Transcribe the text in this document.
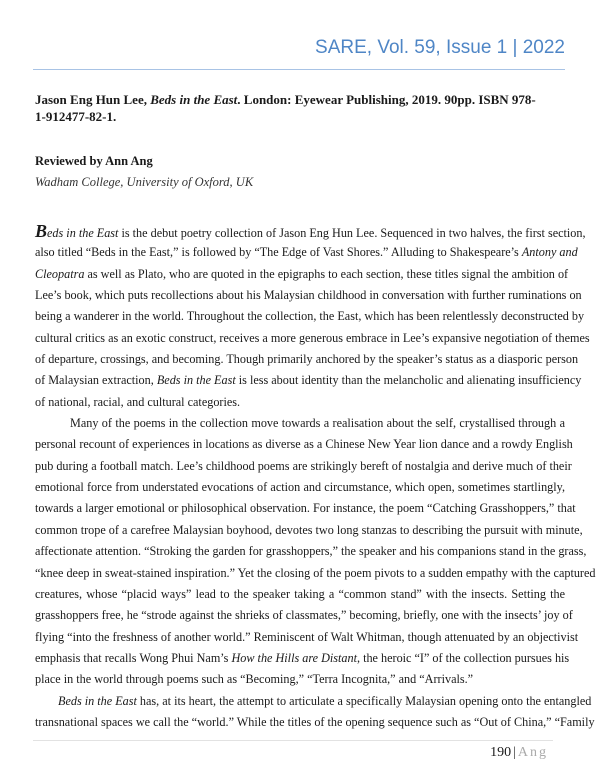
SARE, Vol. 59, Issue 1 | 2022
Jason Eng Hun Lee, Beds in the East. London: Eyewear Publishing, 2019. 90pp. ISBN 978-
1-912477-82-1.
Reviewed by Ann Ang
Wadham College, University of Oxford, UK
Beds in the East is the debut poetry collection of Jason Eng Hun Lee. Sequenced in two halves, the first section,
also titled “Beds in the East,” is followed by “The Edge of Vast Shores.” Alluding to Shakespeare’s Antony and
Cleopatra as well as Plato, who are quoted in the epigraphs to each section, these titles signal the ambition of
Lee’s book, which puts recollections about his Malaysian childhood in conversation with further ruminations on
being a wanderer in the world. Throughout the collection, the East, which has been relentlessly deconstructed by
cultural critics as an exotic construct, receives a more generous embrace in Lee’s expansive negotiation of themes
of departure, crossings, and becoming. Though primarily anchored by the speaker’s status as a diasporic person
of Malaysian extraction, Beds in the East is less about identity than the melancholic and alienating insufficiency
of national, racial, and cultural categories.
Many of the poems in the collection move towards a realisation about the self, crystallised through a
personal recount of experiences in locations as diverse as a Chinese New Year lion dance and a rowdy English
pub during a football match. Lee’s childhood poems are strikingly bereft of nostalgia and derive much of their
emotional force from understated evocations of action and circumstance, which open, sometimes startlingly,
towards a larger emotional or philosophical observation. For instance, the poem “Catching Grasshoppers,” that
common trope of a carefree Malaysian boyhood, devotes two long stanzas to describing the pursuit with minute,
affectionate attention. “Stroking the garden for grasshoppers,” the speaker and his companions stand in the grass,
“knee deep in sweat-stained inspiration.” Yet the closing of the poem pivots to a sudden empathy with the captured
creatures, whose “placid ways” lead to the speaker taking a “common stand” with the insects. Setting the
grasshoppers free, he “strode against the shrieks of classmates,” becoming, briefly, one with the insects’ joy of
flying “into the freshness of another world.” Reminiscent of Walt Whitman, though attenuated by an objectivist
emphasis that recalls Wong Phui Nam’s How the Hills are Distant, the heroic “I” of the collection pursues his
place in the world through poems such as “Becoming,” “Terra Incognita,” and “Arrivals.”
Beds in the East has, at its heart, the attempt to articulate a specifically Malaysian opening onto the entangled
transnational spaces we call the “world.” While the titles of the opening sequence such as “Out of China,” “Family
190 | Ang
